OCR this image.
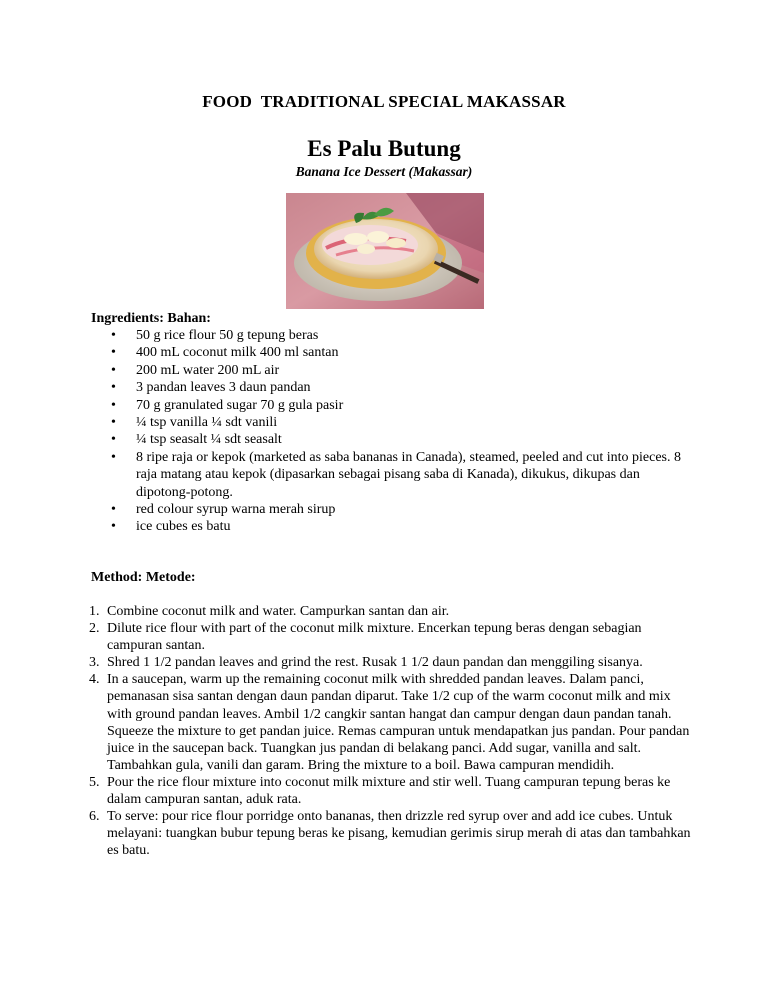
FOOD  TRADITIONAL SPECIAL MAKASSAR
Es Palu Butung
Banana Ice Dessert (Makassar)
Ingredients: Bahan:
• 50 g rice flour 50 g tepung beras
• 400 mL coconut milk 400 ml santan
• 200 mL water 200 mL air
• 3 pandan leaves 3 daun pandan
• 70 g granulated sugar 70 g gula pasir
• ¼ tsp vanilla ¼ sdt vanili
• ¼ tsp seasalt ¼ sdt seasalt
• 8 ripe raja or kepok (marketed as saba bananas in Canada), steamed, peeled and cut into pieces. 8 raja matang atau kepok (dipasarkan sebagai pisang saba di Kanada), dikukus, dikupas dan dipotong-potong.
• red colour syrup warna merah sirup
• ice cubes es batu
Method: Metode:
1. Combine coconut milk and water. Campurkan santan dan air.
2. Dilute rice flour with part of the coconut milk mixture. Encerkan tepung beras dengan sebagian campuran santan.
3. Shred 1 1/2 pandan leaves and grind the rest. Rusak 1 1/2 daun pandan dan menggiling sisanya.
4. In a saucepan, warm up the remaining coconut milk with shredded pandan leaves. Dalam panci, pemanasan sisa santan dengan daun pandan diparut. Take 1/2 cup of the warm coconut milk and mix with ground pandan leaves. Ambil 1/2 cangkir santan hangat dan campur dengan daun pandan tanah. Squeeze the mixture to get pandan juice. Remas campuran untuk mendapatkan jus pandan. Pour pandan juice in the saucepan back. Tuangkan jus pandan di belakang panci. Add sugar, vanilla and salt. Tambahkan gula, vanili dan garam. Bring the mixture to a boil. Bawa campuran mendidih.
5. Pour the rice flour mixture into coconut milk mixture and stir well. Tuang campuran tepung beras ke dalam campuran santan, aduk rata.
6. To serve: pour rice flour porridge onto bananas, then drizzle red syrup over and add ice cubes. Untuk melayani: tuangkan bubur tepung beras ke pisang, kemudian gerimis sirup merah di atas dan tambahkan es batu.
